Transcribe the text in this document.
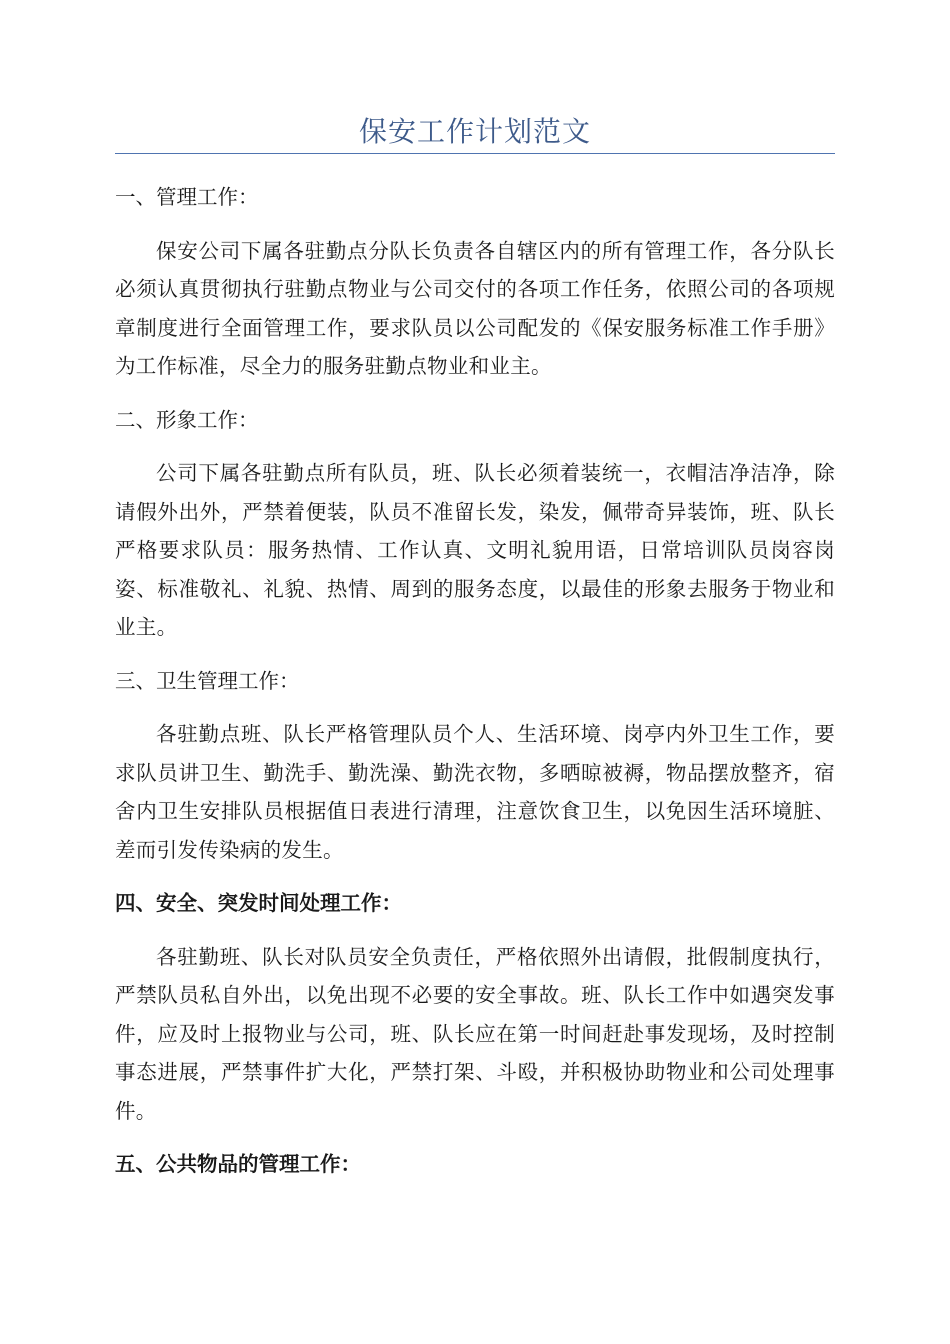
保安工作计划范文

一、管理工作：

保安公司下属各驻勤点分队长负责各自辖区内的所有管理工作，各分队长必须认真贯彻执行驻勤点物业与公司交付的各项工作任务，依照公司的各项规章制度进行全面管理工作，要求队员以公司配发的《保安服务标准工作手册》为工作标准，尽全力的服务驻勤点物业和业主。

二、形象工作：

公司下属各驻勤点所有队员，班、队长必须着装统一，衣帽洁净洁净，除请假外出外，严禁着便装，队员不准留长发，染发，佩带奇异装饰，班、队长严格要求队员：服务热情、工作认真、文明礼貌用语，日常培训队员岗容岗姿、标准敬礼、礼貌、热情、周到的服务态度，以最佳的形象去服务于物业和业主。

三、卫生管理工作：

各驻勤点班、队长严格管理队员个人、生活环境、岗亭内外卫生工作，要求队员讲卫生、勤洗手、勤洗澡、勤洗衣物，多晒晾被褥，物品摆放整齐，宿舍内卫生安排队员根据值日表进行清理，注意饮食卫生，以免因生活环境脏、差而引发传染病的发生。

四、安全、突发时间处理工作：

各驻勤班、队长对队员安全负责任，严格依照外出请假，批假制度执行，严禁队员私自外出，以免出现不必要的安全事故。班、队长工作中如遇突发事件，应及时上报物业与公司，班、队长应在第一时间赶赴事发现场，及时控制事态进展，严禁事件扩大化，严禁打架、斗殴，并积极协助物业和公司处理事件。

五、公共物品的管理工作：
